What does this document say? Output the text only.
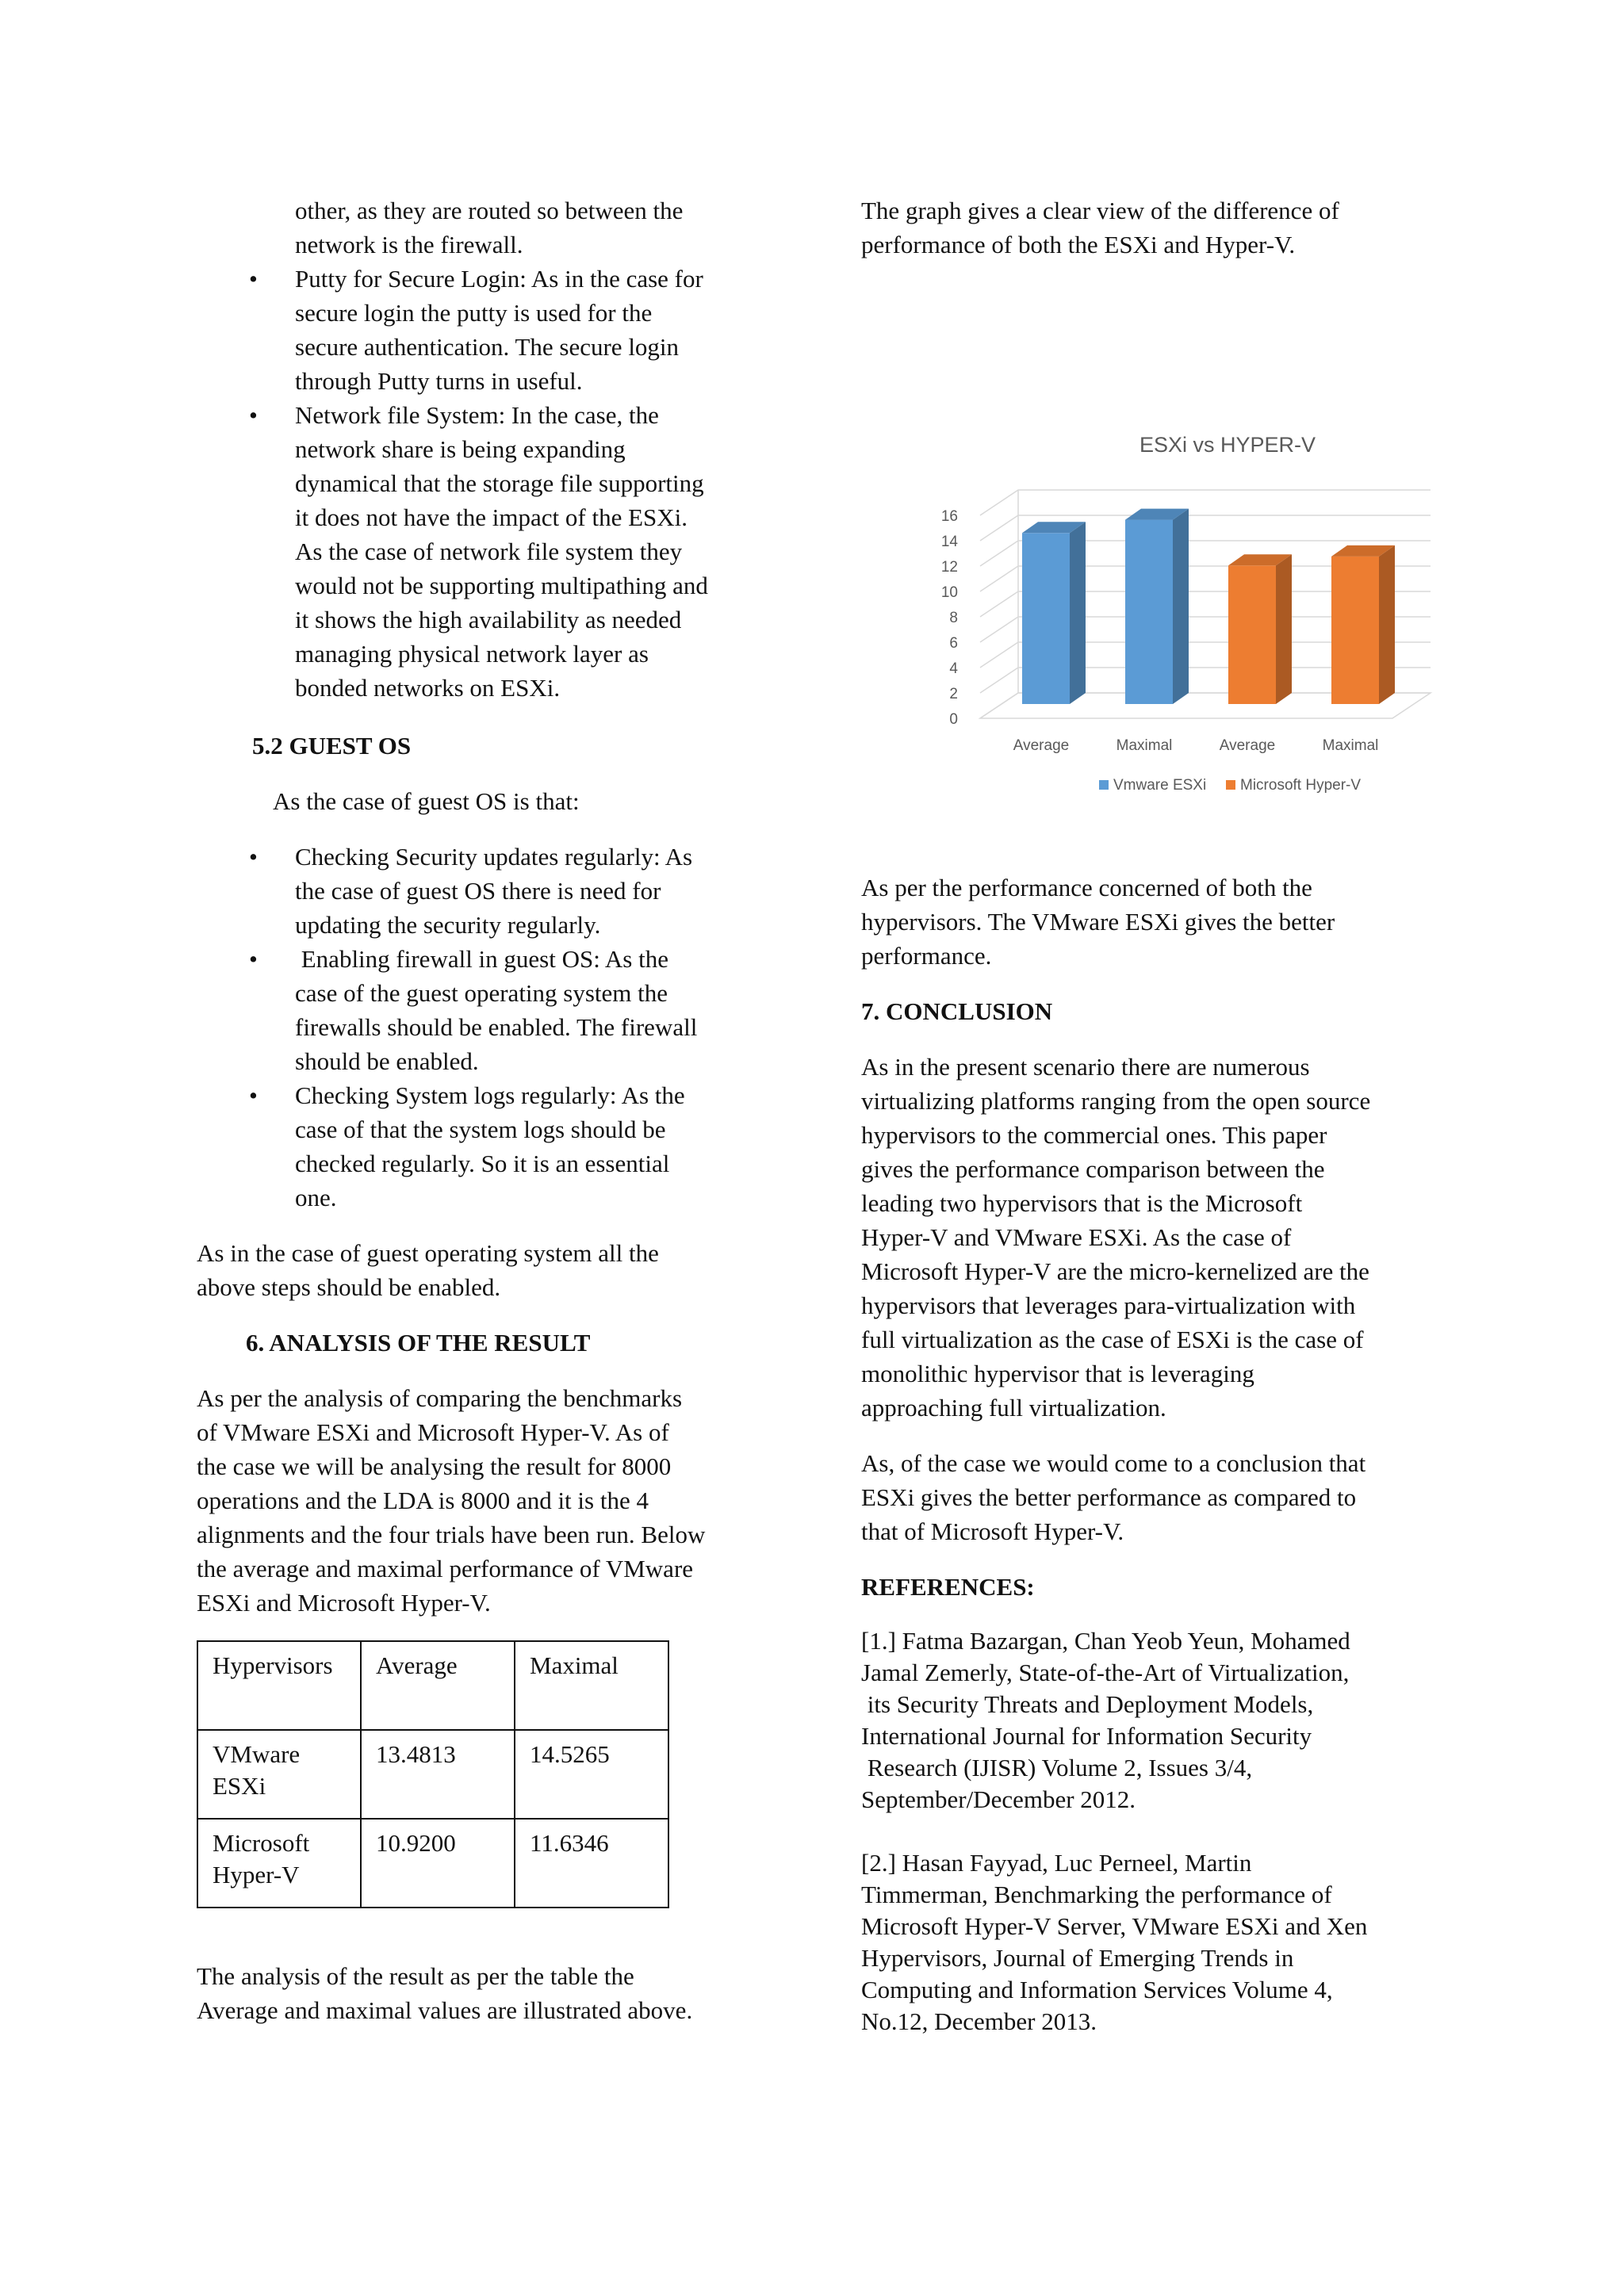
other, as they are routed so between the
network is the firewall.
• Putty for Secure Login: As in the case for
secure login the putty is used for the
secure authentication. The secure login
through Putty turns in useful.
• Network file System: In the case, the
network share is being expanding
dynamical that the storage file supporting
it does not have the impact of the ESXi.
As the case of network file system they
would not be supporting multipathing and
it shows the high availability as needed
managing physical network layer as
bonded networks on ESXi.

5.2 GUEST OS

As the case of guest OS is that:

• Checking Security updates regularly: As
the case of guest OS there is need for
updating the security regularly.
•  Enabling firewall in guest OS: As the
case of the guest operating system the
firewalls should be enabled. The firewall
should be enabled.
• Checking System logs regularly: As the
case of that the system logs should be
checked regularly. So it is an essential
one.

As in the case of guest operating system all the
above steps should be enabled.

6. ANALYSIS OF THE RESULT

As per the analysis of comparing the benchmarks
of VMware ESXi and Microsoft Hyper-V. As of
the case we will be analysing the result for 8000
operations and the LDA is 8000 and it is the 4
alignments and the four trials have been run. Below
the average and maximal performance of VMware
ESXi and Microsoft Hyper-V.

Hypervisors	Average	Maximal
VMware
ESXi	13.4813	14.5265
Microsoft
Hyper-V	10.9200	11.6346

The analysis of the result as per the table the
Average and maximal values are illustrated above.

The graph gives a clear view of the difference of
performance of both the ESXi and Hyper-V.

ESXi vs HYPER-V
0
2
4
6
8
10
12
14
16
Average	Maximal	Average	Maximal
Vmware ESXi Microsoft Hyper-V

As per the performance concerned of both the
hypervisors. The VMware ESXi gives the better
performance.

7. CONCLUSION

As in the present scenario there are numerous
virtualizing platforms ranging from the open source
hypervisors to the commercial ones. This paper
gives the performance comparison between the
leading two hypervisors that is the Microsoft
Hyper-V and VMware ESXi. As the case of
Microsoft Hyper-V are the micro-kernelized are the
hypervisors that leverages para-virtualization with
full virtualization as the case of ESXi is the case of
monolithic hypervisor that is leveraging
approaching full virtualization.

As, of the case we would come to a conclusion that
ESXi gives the better performance as compared to
that of Microsoft Hyper-V.

REFERENCES:

[1.] Fatma Bazargan, Chan Yeob Yeun, Mohamed
Jamal Zemerly, State-of-the-Art of Virtualization,
its Security Threats and Deployment Models,
International Journal for Information Security
Research (IJISR) Volume 2, Issues 3/4,
September/December 2012.
[2.] Hasan Fayyad, Luc Perneel, Martin
Timmerman, Benchmarking the performance of
Microsoft Hyper-V Server, VMware ESXi and Xen
Hypervisors, Journal of Emerging Trends in
Computing and Information Services Volume 4,
No.12, December 2013.
